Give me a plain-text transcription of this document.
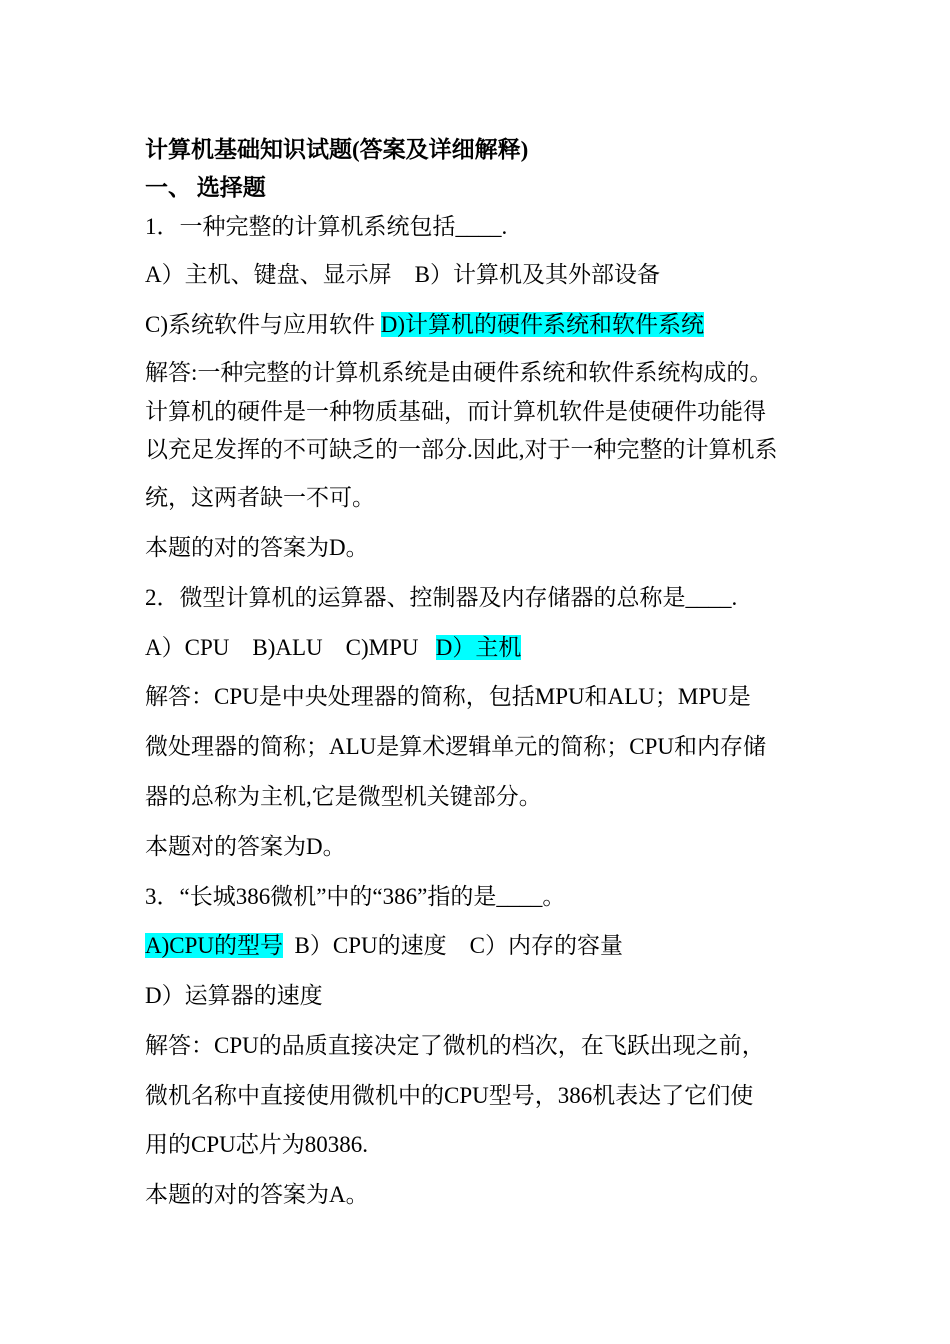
计算机基础知识试题(答案及详细解释)
一、 选择题
1．一种完整的计算机系统包括____.
A）主机、键盘、显示屏 B）计算机及其外部设备
C)系统软件与应用软件 D)计算机的硬件系统和软件系统
解答:一种完整的计算机系统是由硬件系统和软件系统构成的。
计算机的硬件是一种物质基础，而计算机软件是使硬件功能得
以充足发挥的不可缺乏的一部分.因此,对于一种完整的计算机系
统，这两者缺一不可。
本题的对的答案为D。
2．微型计算机的运算器、控制器及内存储器的总称是____.
A）CPU　B)ALU　C)MPU D）主机
解答：CPU是中央处理器的简称，包括MPU和ALU；MPU是
微处理器的简称；ALU是算术逻辑单元的简称；CPU和内存储
器的总称为主机,它是微型机关键部分。
本题对的答案为D。
3．“长城386微机”中的“386”指的是____。
A)CPU的型号 B）CPU的速度　C）内存的容量
D）运算器的速度
解答：CPU的品质直接决定了微机的档次，在飞跃出现之前，
微机名称中直接使用微机中的CPU型号，386机表达了它们使
用的CPU芯片为80386.
本题的对的答案为A。
